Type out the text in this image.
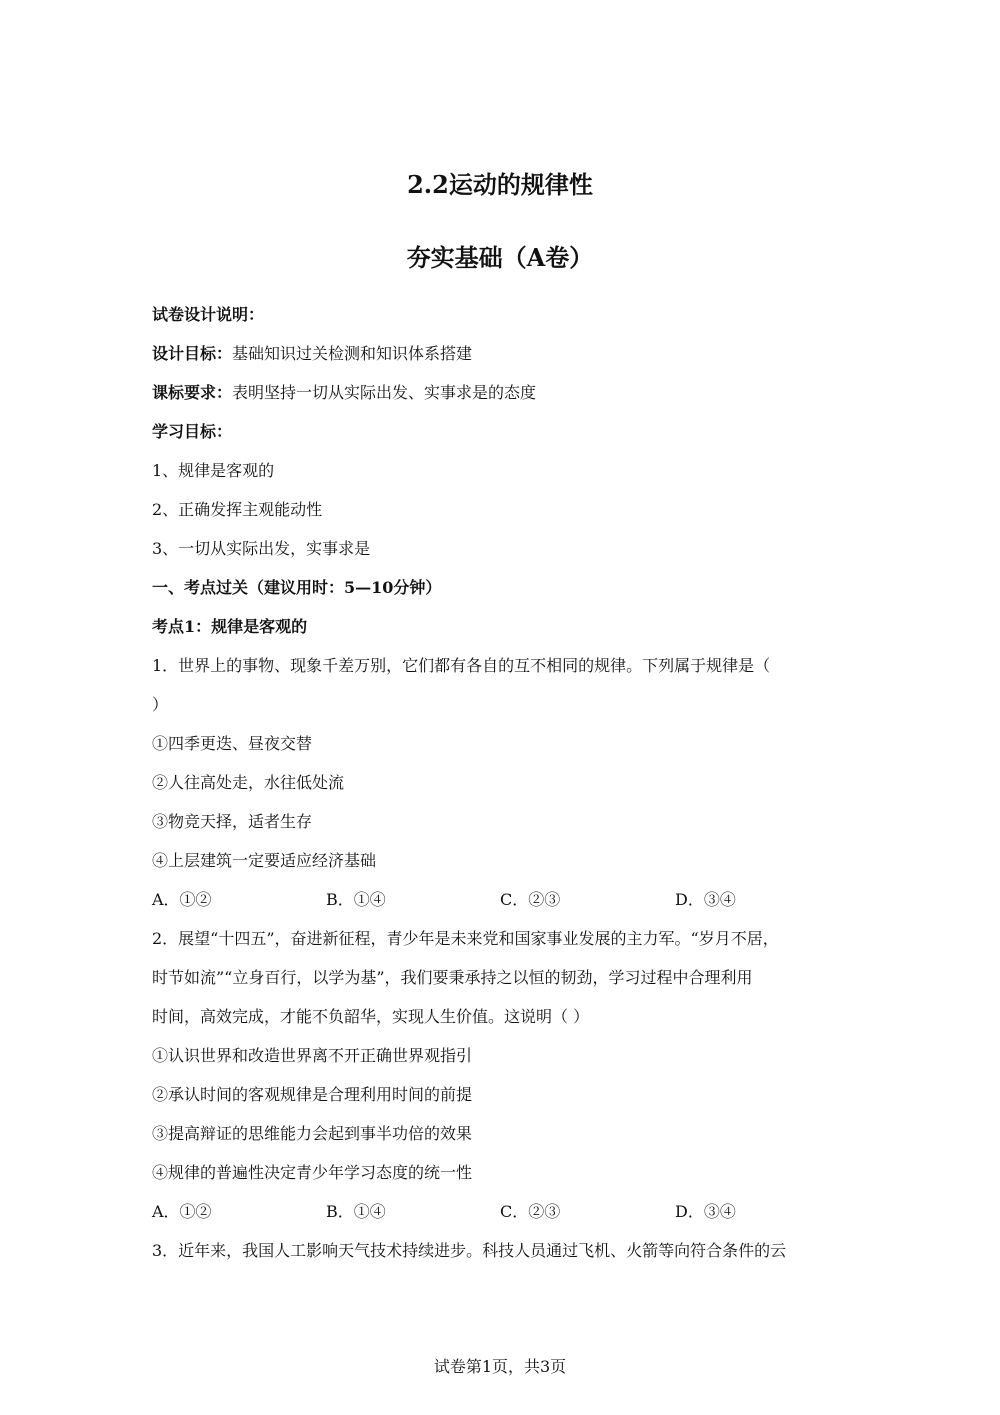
2.2运动的规律性
夯实基础（A卷）
试卷设计说明：
设计目标：基础知识过关检测和知识体系搭建
课标要求：表明坚持一切从实际出发、实事求是的态度
学习目标：
1、规律是客观的
2、正确发挥主观能动性
3、一切从实际出发，实事求是
一、考点过关（建议用时：5—10分钟）
考点1：规律是客观的
1．世界上的事物、现象千差万别，它们都有各自的互不相同的规律。下列属于规律是（
）
①四季更迭、昼夜交替
②人往高处走，水往低处流
③物竞天择，适者生存
④上层建筑一定要适应经济基础
A．①②	B．①④	C．②③	D．③④
2．展望“十四五”，奋进新征程，青少年是未来党和国家事业发展的主力军。“岁月不居，
时节如流”“立身百行，以学为基”，我们要秉承持之以恒的韧劲，学习过程中合理利用
时间，高效完成，才能不负韶华，实现人生价值。这说明（ ）
①认识世界和改造世界离不开正确世界观指引
②承认时间的客观规律是合理利用时间的前提
③提高辩证的思维能力会起到事半功倍的效果
④规律的普遍性决定青少年学习态度的统一性
A．①②	B．①④	C．②③	D．③④
3．近年来，我国人工影响天气技术持续进步。科技人员通过飞机、火箭等向符合条件的云
试卷第1页，共3页
